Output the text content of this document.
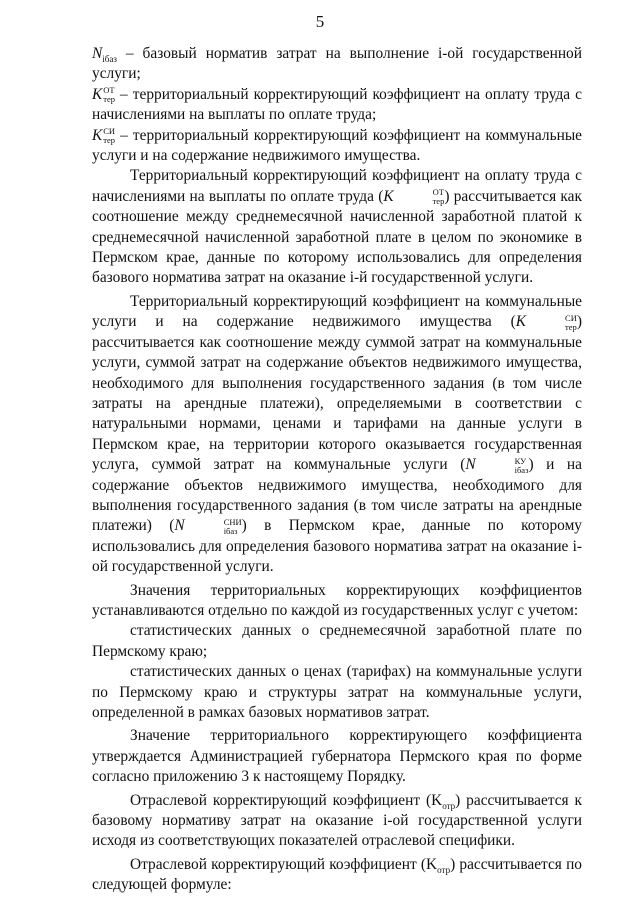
5

$N_{iбаз}$ – базовый норматив затрат на выполнение i-ой государственной услуги;

K ОТ
тер – территориальный корректирующий коэффициент на оплату труда с начислениями на выплаты по оплате труда;

K СИ
тер – территориальный корректирующий коэффициент на коммунальные услуги и на содержание недвижимого имущества.

Территориальный корректирующий коэффициент на оплату труда с начислениями на выплаты по оплате труда (K	ОТ
тер ) рассчитывается как соотношение между среднемесячной начисленной заработной платой к среднемесячной начисленной заработной плате в целом по экономике в Пермском крае, данные по которому использовались для определения базового норматива затрат на оказание i-й государственной услуги.

Территориальный корректирующий коэффициент на коммунальные услуги и на содержание недвижимого имущества (K	СИ
тер ) рассчитывается как соотношение между суммой затрат на коммунальные услуги, суммой затрат на содержание объектов недвижимого имущества, необходимого для выполнения государственного задания (в том числе затраты на арендные платежи), определяемыми в соответствии с натуральными нормами, ценами и тарифами на данные услуги в Пермском крае, на территории которого оказывается государственная услуга, суммой затрат на коммунальные услуги (N	КУ
iбаз ) и на содержание объектов недвижимого имущества, необходимого для выполнения государственного задания (в том числе затраты на арендные платежи) (N	СНИ
iбаз ) в Пермском крае, данные по которому использовались для определения базового норматива затрат на оказание i-ой государственной услуги.

Значения территориальных корректирующих коэффициентов устанавливаются отдельно по каждой из государственных услуг с учетом:

статистических данных о среднемесячной заработной плате по Пермскому краю;

статистических данных о ценах (тарифах) на коммунальные услуги по Пермскому краю и структуры затрат на коммунальные услуги, определенной в рамках базовых нормативов затрат.

Значение территориального корректирующего коэффициента утверждается Администрацией губернатора Пермского края по форме согласно приложению 3 к настоящему Порядку.

Отраслевой корректирующий коэффициент $(K_{отр})$ рассчитывается к базовому нормативу затрат на оказание i-ой государственной услуги исходя из соответствующих показателей отраслевой специфики.

Отраслевой корректирующий коэффициент $(K_{отр})$ рассчитывается по следующей формуле:
